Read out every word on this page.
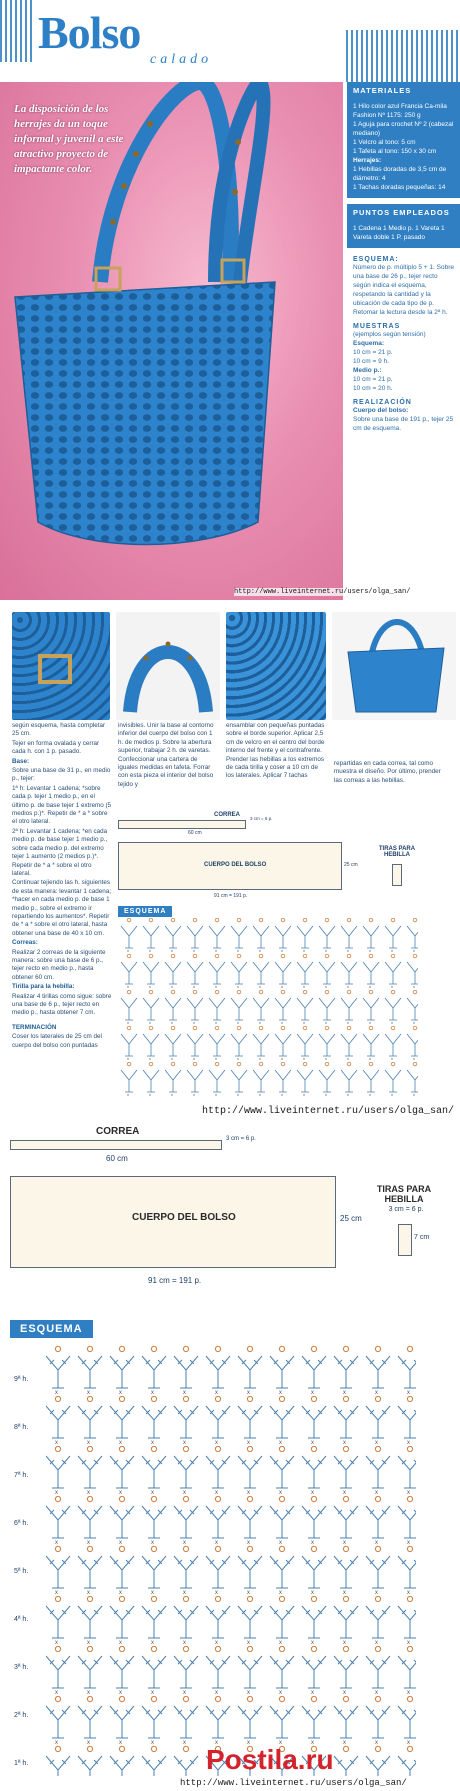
Bolso
calado
La disposición de los herrajes da un toque informal y juvenil a este atractivo proyecto de impactante color.
MATERIALES
1 Hilo color azul Francia Ca-mila Fashion Nº 1175: 250 g
1 Aguja para crochet Nº 2 (cabezal mediano)
1 Velcro al tono: 5 cm
1 Tafeta al tono: 150 x 30 cm
Herrajes:
1 Hebillas doradas de 3,5 cm de diámetro: 4
1 Tachas doradas pequeñas: 14
PUNTOS EMPLEADOS
1 Cadena 1 Medio p. 1 Vareta 1 Vareta doble 1 P. pasado
ESQUEMA:
Número de p. múltiplo 5 + 1. Sobre una base de 26 p., tejer recto según indica el esquema, respetando la cantidad y la ubicación de cada tipo de p. Retomar la lectura desde la 2ª h.
MUESTRAS
(ejemplos según tensión)
Esquema:
10 cm = 21 p.
10 cm = 9 h.
Medio p.:
10 cm = 21 p.
10 cm = 20 h.
REALIZACIÓN
Cuerpo del bolso:
Sobre una base de 191 p., tejer 25 cm de esquema.
http://www.liveinternet.ru/users/olga_san/

según esquema, hasta completar 25 cm.

Tejer en forma ovalada y cerrar cada h. con 1 p. pasado.

Base:

Sobre una base de 31 p., en medio p., tejer:

1ª h: Levantar 1 cadena; *sobre cada p. tejer 1 medio p., en el último p. de base tejer 1 extremo (5 medios p.)*. Repetir de * a * sobre el otro lateral.

2ª h: Levantar 1 cadena; *en cada medio p. de base tejer 1 medio p., sobre cada medio p. del extremo tejer 1 aumento (2 medios p.)*. Repetir de * a * sobre el otro lateral.

Continuar tejiendo las h. siguientes de esta manera: levantar 1 cadena; *hacer en cada medio p. de base 1 medio p., sobre el extremo ir repartiendo los aumentos*. Repetir de * a * sobre el otro lateral, hasta obtener una base de 40 x 10 cm.

Correas:

Realizar 2 correas de la siguiente manera: sobre una base de 6 p., tejer recto en medio p., hasta obtener 60 cm.

Tirilla para la hebilla:

Realizar 4 tirillas como sigue: sobre una base de 6 p., tejer recto en medio p., hasta obtener 7 cm.

TERMINACIÓN

Coser los laterales de 25 cm del cuerpo del bolso con puntadas

invisibles. Unir la base al contorno inferior del cuerpo del bolso con 1 h. de medios p. Sobre la abertura superior, trabajar 2 h. de varetas. Confeccionar una cartera de iguales medidas en tafeta. Forrar con esta pieza el interior del bolso tejido y
ensamblar con pequeñas puntadas sobre el borde superior. Aplicar 2,5 cm de velcro en el centro del borde interno del frente y el contrafrente. Prender las hebillas a los extremos de cada tirilla y coser a 10 cm de los laterales. Aplicar 7 tachas
repartidas en cada correa, tal como muestra el diseño. Por último, prender las correas a las hebillas.
CORREA
60 cm
3 cm = 6 p.
CUERPO DEL BOLSO
91 cm = 191 p.
25 cm
TIRAS PARA HEBILLA
ESQUEMA
http://www.liveinternet.ru/users/olga_san/
CORREA
60 cm
3 cm = 6 p.
CUERPO DEL BOLSO
91 cm = 191 p.
25 cm
TIRAS PARA HEBILLA
3 cm = 6 p.
7 cm
ESQUEMA
9ª h.
8ª h.
7ª h.
6ª h.
5ª h.
4ª h.
3ª h.
2ª h.
1ª h.	Postila.ru
http://www.liveinternet.ru/users/olga_san/
